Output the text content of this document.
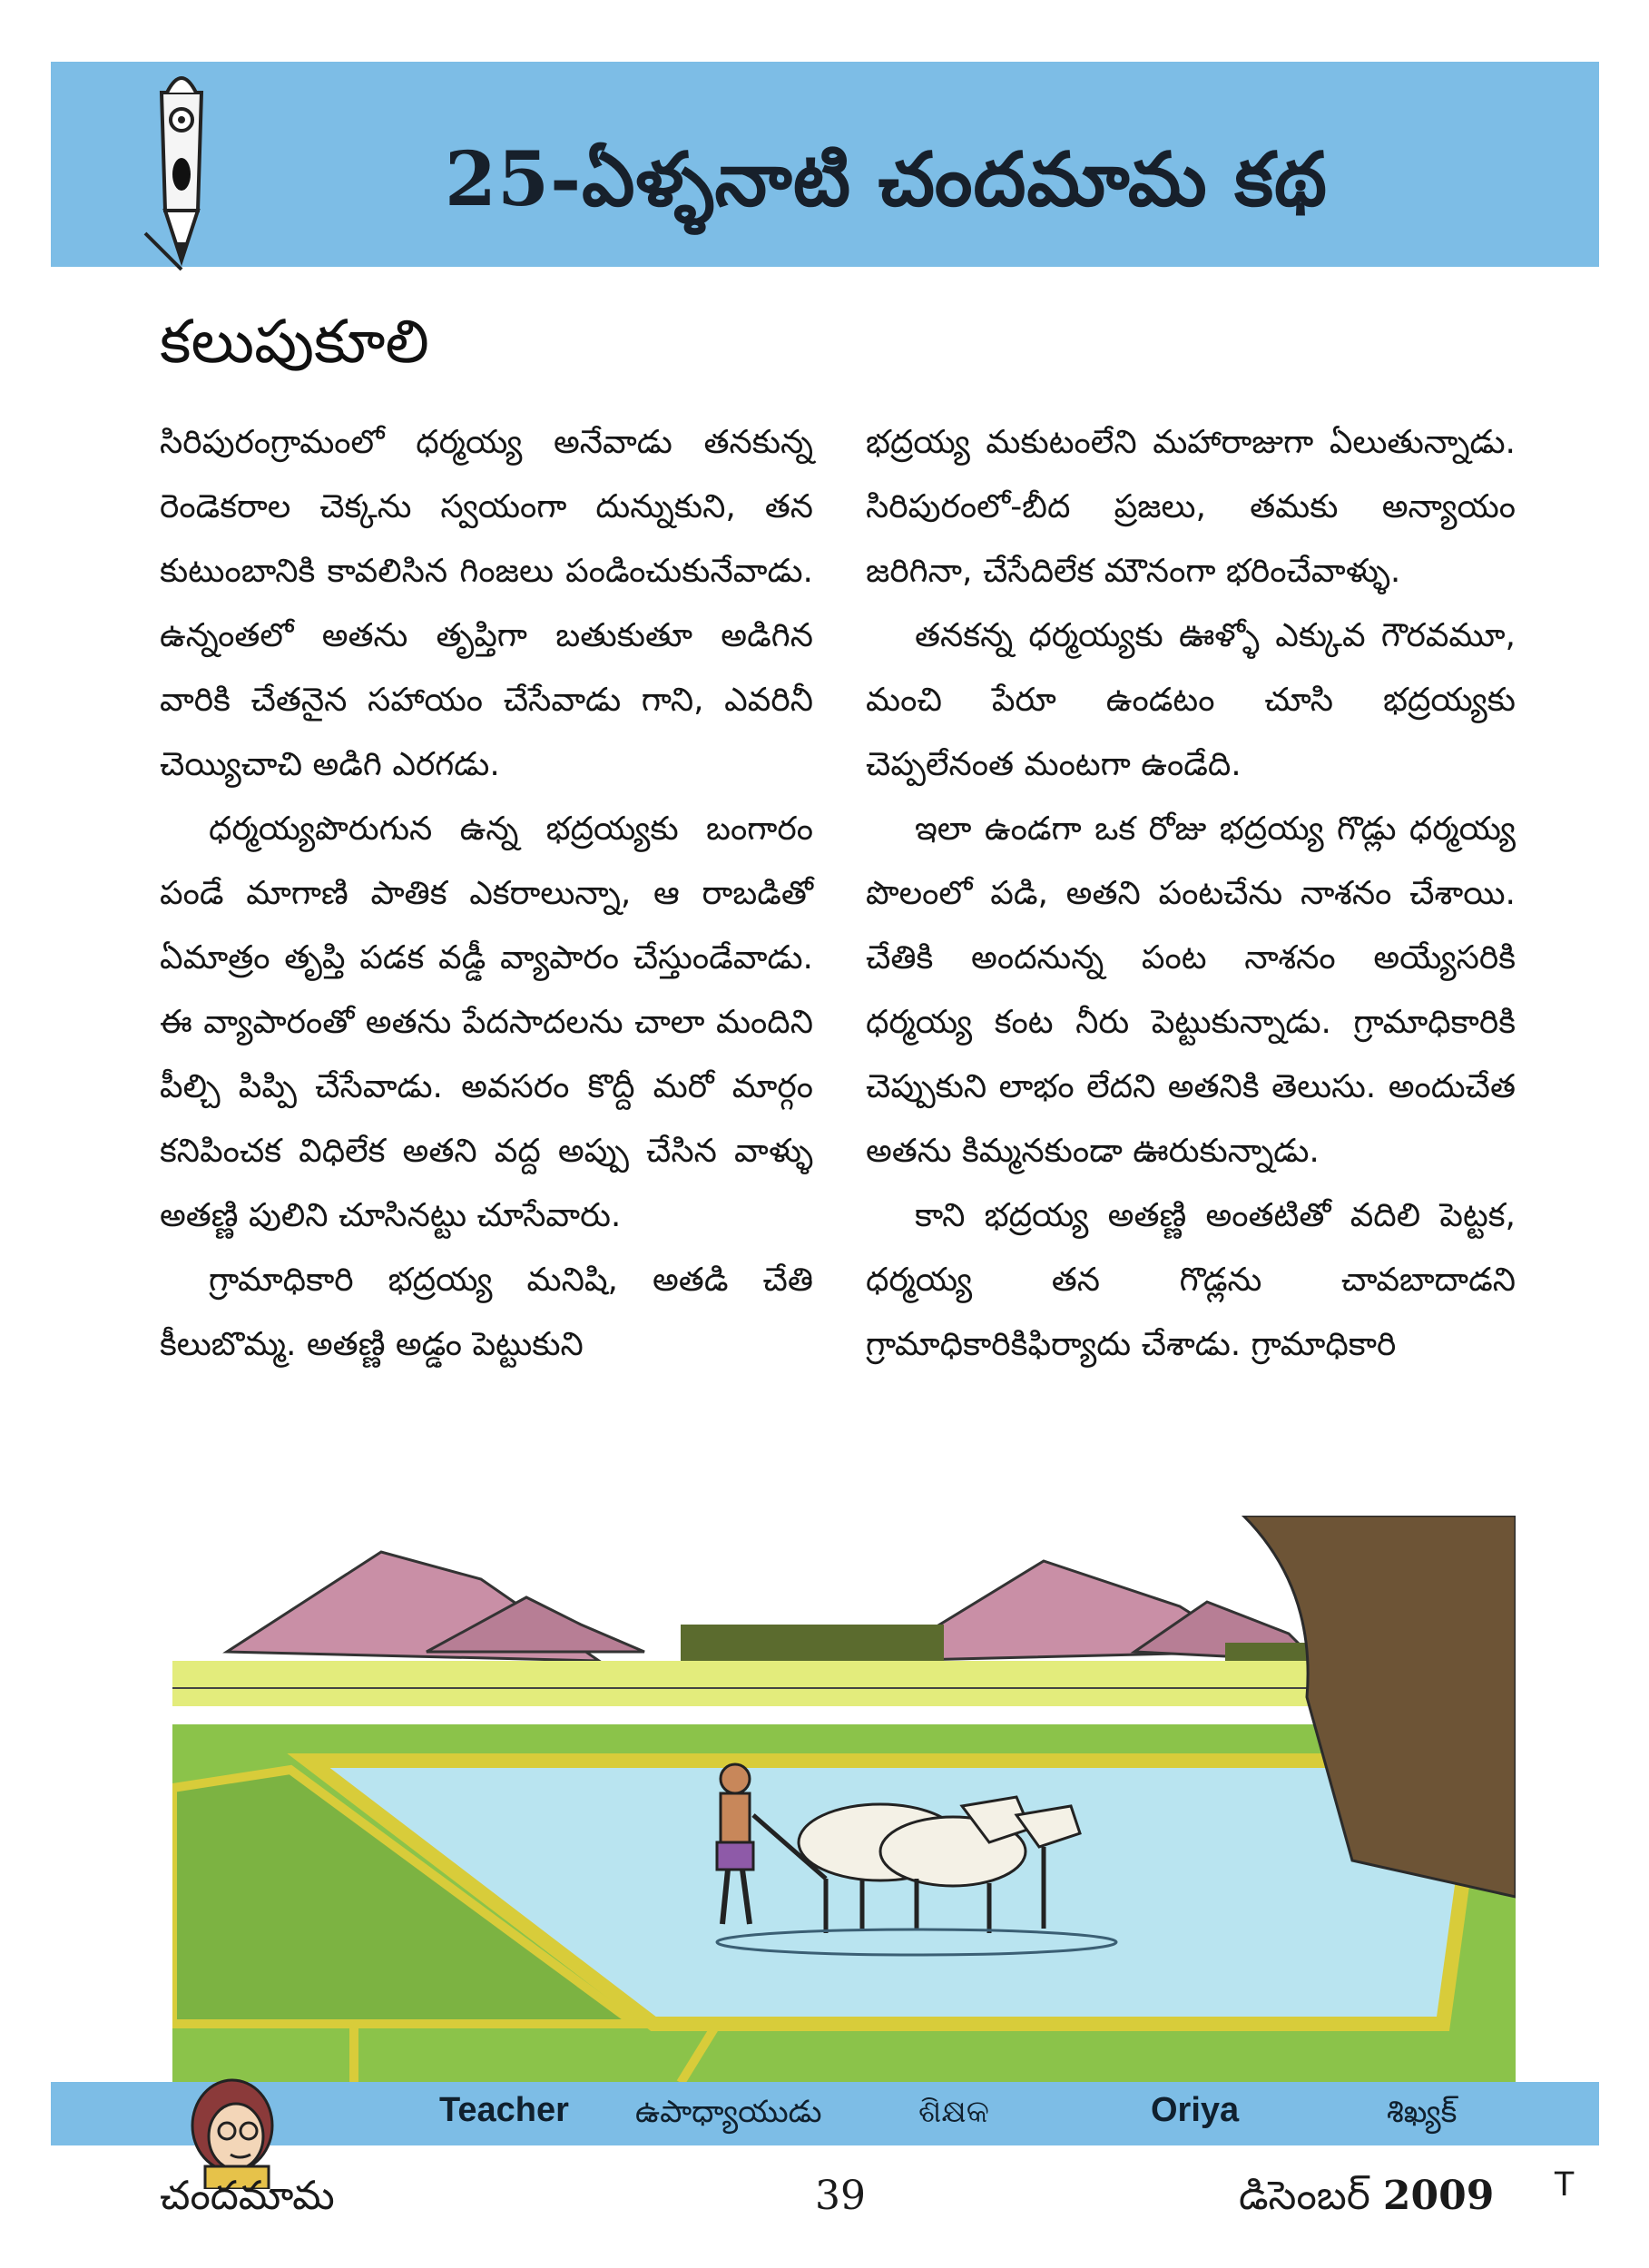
25-ఏళ్ళనాటి చందమామ కథ
కలుపుకూలి

సిరిపురంగ్రామంలో ధర్మయ్య అనేవాడు తనకున్న రెండెకరాల చెక్కను స్వయంగా దున్నుకుని, తన కుటుంబానికి కావలిసిన గింజలు పండించుకునేవాడు. ఉన్నంతలో అతను తృప్తిగా బతుకుతూ అడిగిన వారికి చేతనైన సహాయం చేసేవాడు గాని, ఎవరినీ చెయ్యిచాచి అడిగి ఎరగడు.

ధర్మయ్యపొరుగున ఉన్న భద్రయ్యకు బంగారం పండే మాగాణి పాతిక ఎకరాలున్నా, ఆ రాబడితో ఏమాత్రం తృప్తి పడక వడ్డీ వ్యాపారం చేస్తుండేవాడు. ఈ వ్యాపారంతో అతను పేదసాదలను చాలా మందిని పీల్చి పిప్పి చేసేవాడు. అవసరం కొద్దీ మరో మార్గం కనిపించక విధిలేక అతని వద్ద అప్పు చేసిన వాళ్ళు అతణ్ణి పులిని చూసినట్టు చూసేవారు.

గ్రామాధికారి భద్రయ్య మనిషి, అతడి చేతి కీలుబొమ్మ. అతణ్ణి అడ్డం పెట్టుకుని

భద్రయ్య మకుటంలేని మహారాజుగా ఏలుతున్నాడు. సిరిపురంలో-బీద ప్రజలు, తమకు అన్యాయం జరిగినా, చేసేదిలేక మౌనంగా భరించేవాళ్ళు.

తనకన్న ధర్మయ్యకు ఊళ్ళో ఎక్కువ గౌరవమూ, మంచి పేరూ ఉండటం చూసి భద్రయ్యకు చెప్పలేనంత మంటగా ఉండేది.

ఇలా ఉండగా ఒక రోజు భద్రయ్య గొడ్లు ధర్మయ్య పొలంలో పడి, అతని పంటచేను నాశనం చేశాయి. చేతికి అందనున్న పంట నాశనం అయ్యేసరికి ధర్మయ్య కంట నీరు పెట్టుకున్నాడు. గ్రామాధికారికి చెప్పుకుని లాభం లేదని అతనికి తెలుసు. అందుచేత అతను కిమ్మనకుండా ఊరుకున్నాడు.

కాని భద్రయ్య అతణ్ణి అంతటితో వదిలి పెట్టక, ధర్మయ్య తన గొడ్లను చావబాదాడని గ్రామాధికారికిఫిర్యాదు చేశాడు. గ్రామాధికారి

Teacher ఉపాధ్యాయుడు	ଶିକ୍ଷକ	Oriya	శిఖ్యక్
చందమామ	39	డిసెంబర్ 2009 T
